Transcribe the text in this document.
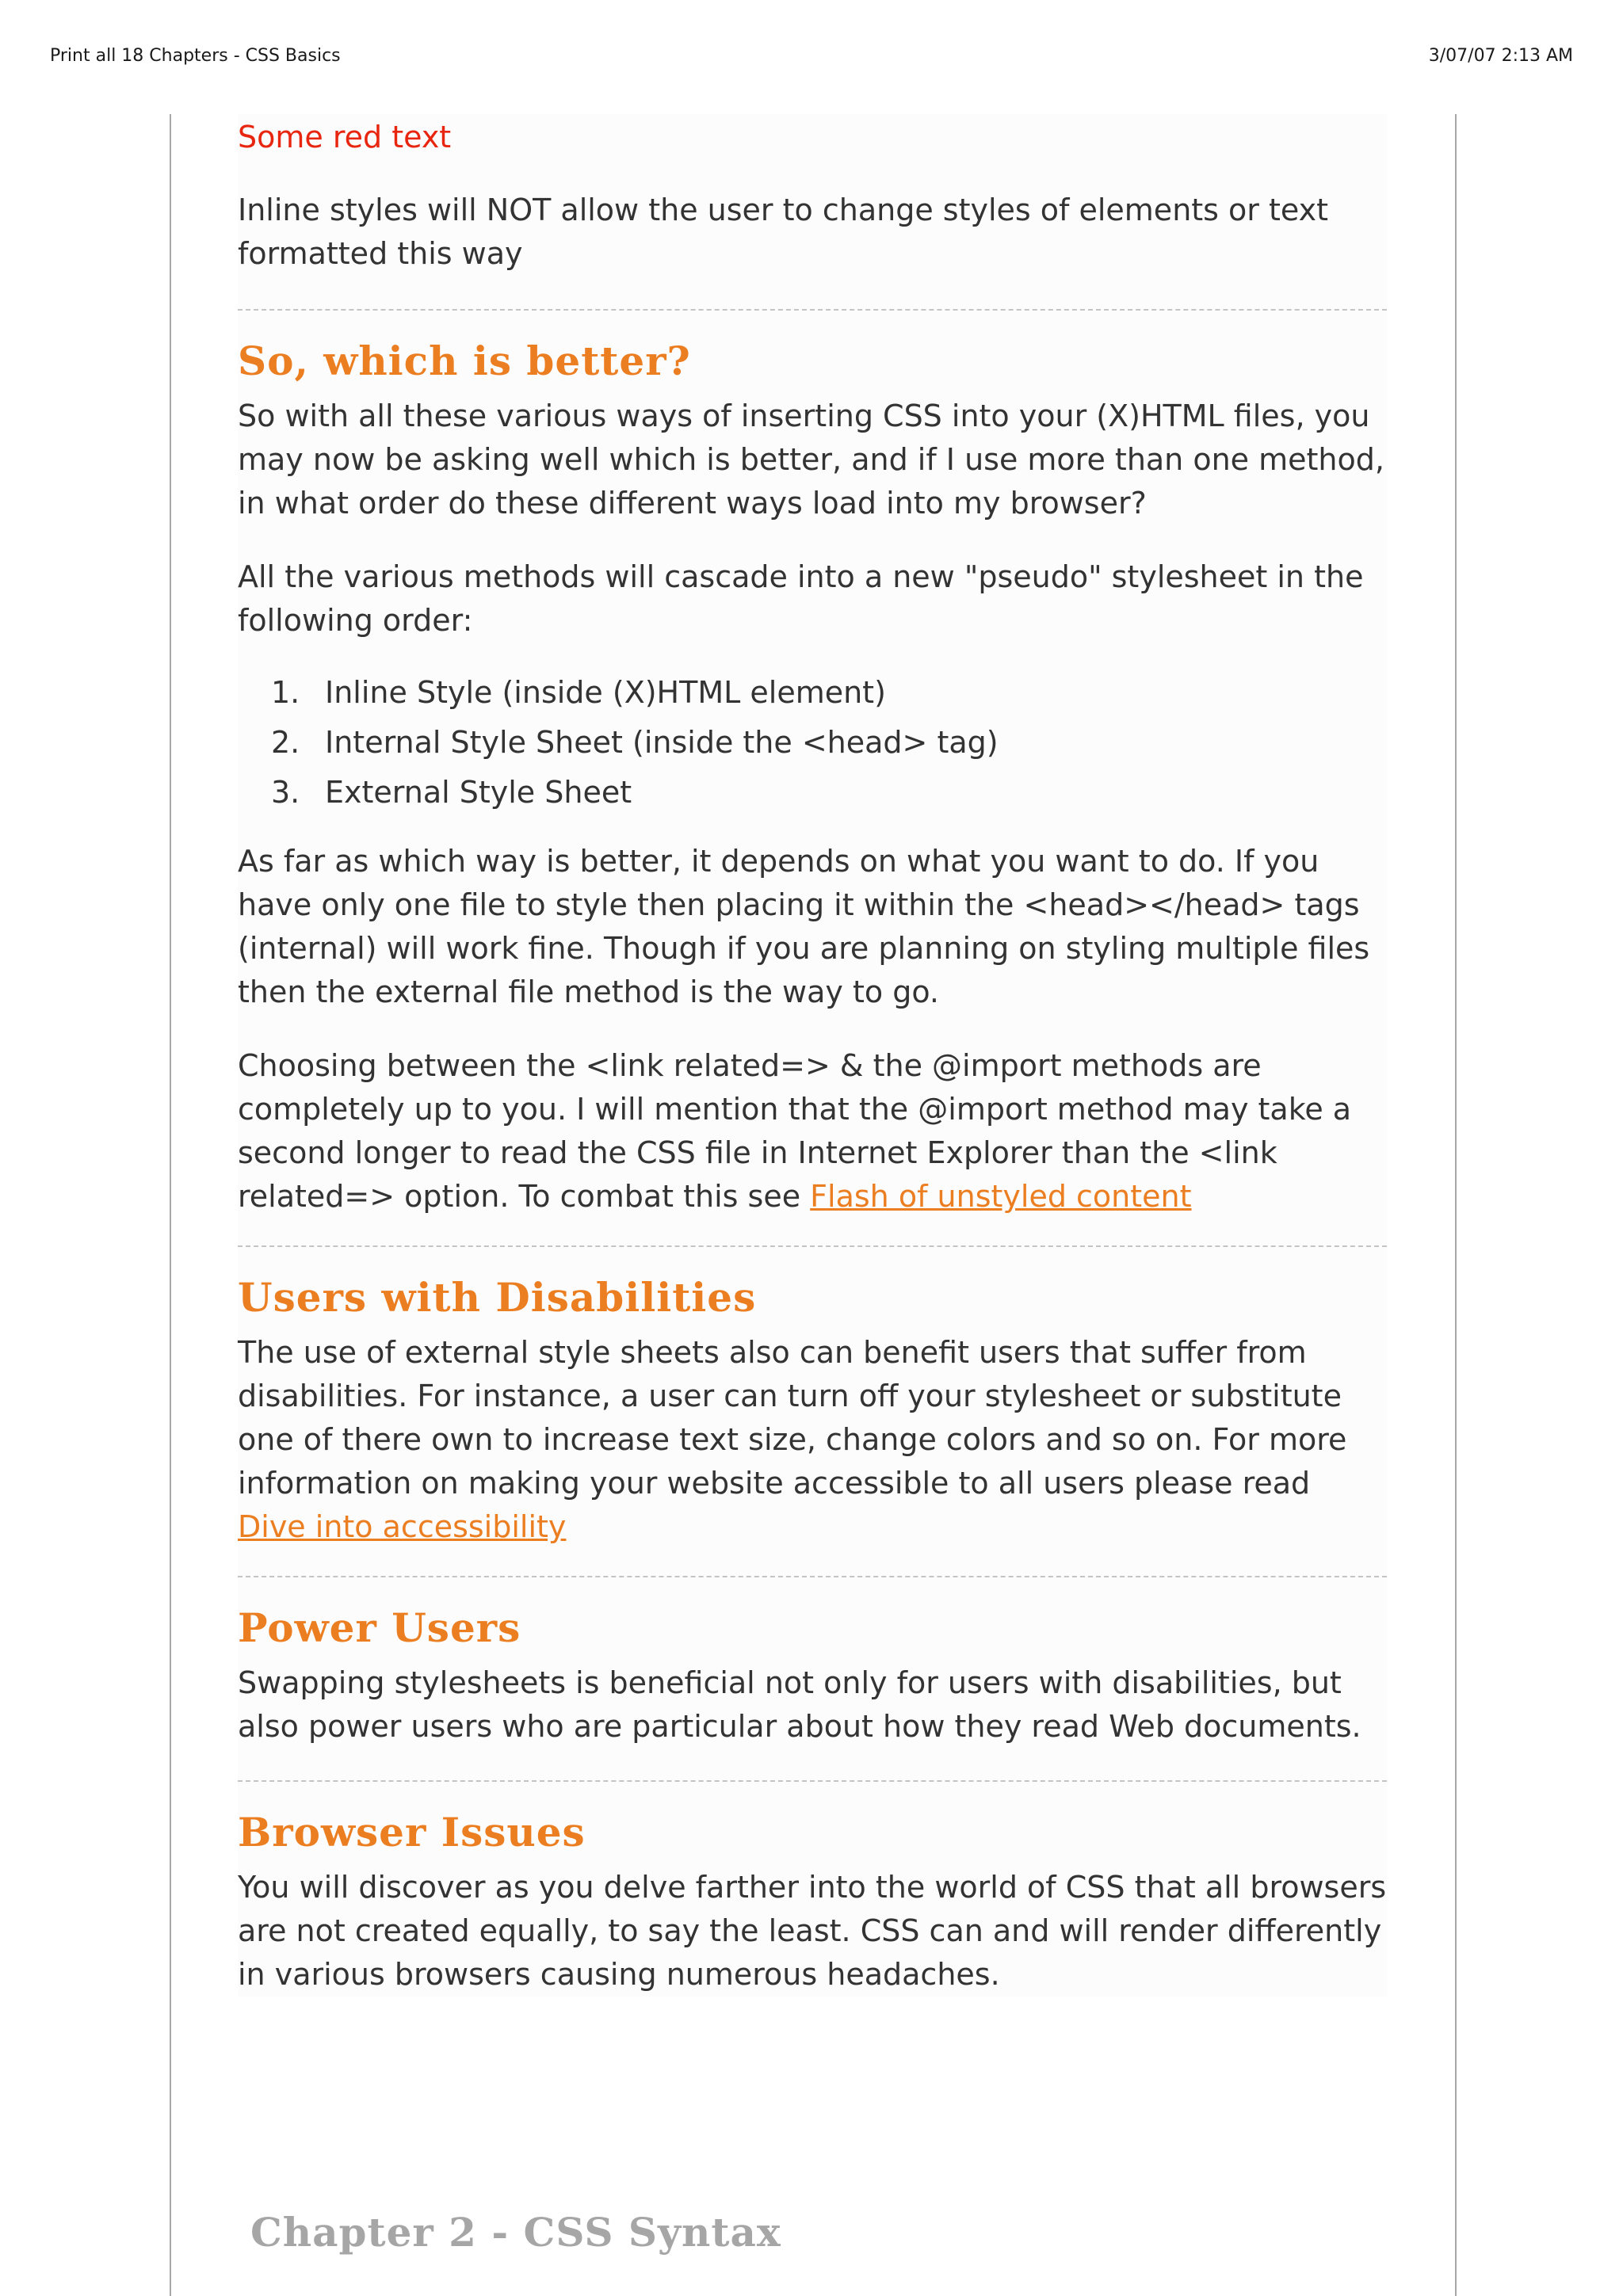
Print all 18 Chapters - CSS Basics	3/07/07 2:13 AM

Some red text

Inline styles will NOT allow the user to change styles of elements or text formatted this way

So, which is better?

So with all these various ways of inserting CSS into your (X)HTML files, you may now be asking well which is better, and if I use more than one method, in what order do these different ways load into my browser?

All the various methods will cascade into a new "pseudo" stylesheet in the following order:

1. Inline Style (inside (X)HTML element)
2. Internal Style Sheet (inside the <head> tag)
3. External Style Sheet

As far as which way is better, it depends on what you want to do. If you have only one file to style then placing it within the <head></head> tags (internal) will work fine. Though if you are planning on styling multiple files then the external file method is the way to go.

Choosing between the <link related=> & the @import methods are completely up to you. I will mention that the @import method may take a second longer to read the CSS file in Internet Explorer than the <link related=> option. To combat this see Flash of unstyled content

Users with Disabilities

The use of external style sheets also can benefit users that suffer from disabilities. For instance, a user can turn off your stylesheet or substitute one of there own to increase text size, change colors and so on. For more information on making your website accessible to all users please read Dive into accessibility

Power Users

Swapping stylesheets is beneficial not only for users with disabilities, but also power users who are particular about how they read Web documents.

Browser Issues

You will discover as you delve farther into the world of CSS that all browsers are not created equally, to say the least. CSS can and will render differently in various browsers causing numerous headaches.

Chapter 2 - CSS Syntax
